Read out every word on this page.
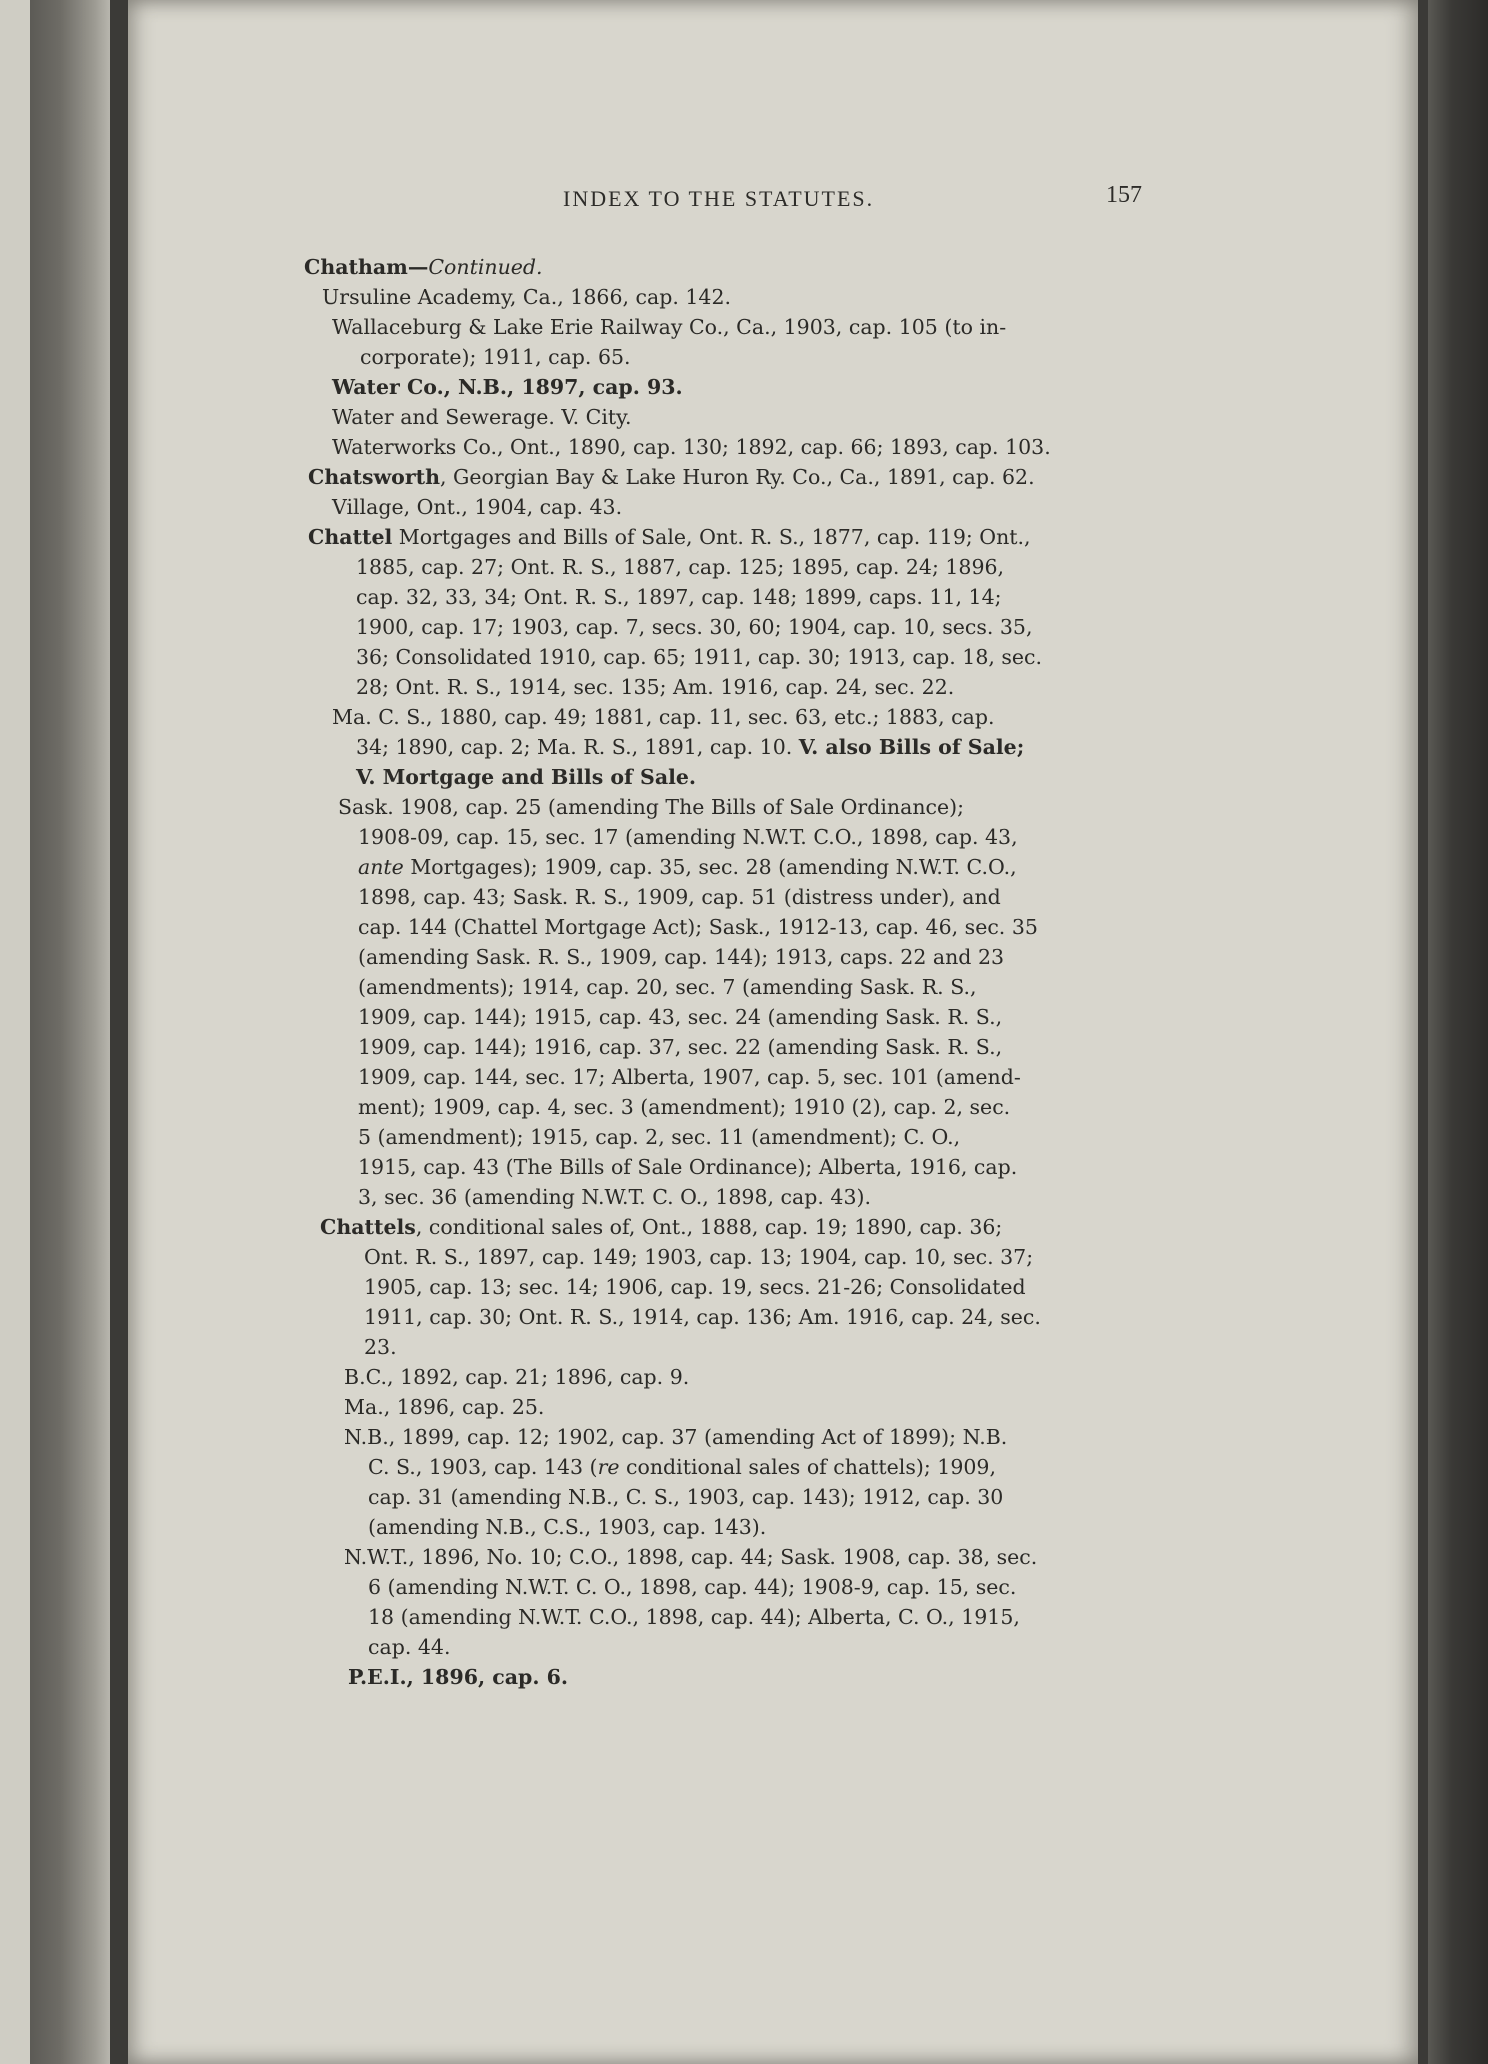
INDEX TO THE STATUTES.	157
Chatham—Continued.
Ursuline Academy, Ca., 1866, cap. 142.
Wallaceburg & Lake Erie Railway Co., Ca., 1903, cap. 105 (to in-
corporate); 1911, cap. 65.
Water Co., N.B., 1897, cap. 93.
Water and Sewerage. V. City.
Waterworks Co., Ont., 1890, cap. 130; 1892, cap. 66; 1893, cap. 103.
Chatsworth, Georgian Bay & Lake Huron Ry. Co., Ca., 1891, cap. 62.
Village, Ont., 1904, cap. 43.
Chattel Mortgages and Bills of Sale, Ont. R. S., 1877, cap. 119; Ont.,
1885, cap. 27; Ont. R. S., 1887, cap. 125; 1895, cap. 24; 1896,
cap. 32, 33, 34; Ont. R. S., 1897, cap. 148; 1899, caps. 11, 14;
1900, cap. 17; 1903, cap. 7, secs. 30, 60; 1904, cap. 10, secs. 35,
36; Consolidated 1910, cap. 65; 1911, cap. 30; 1913, cap. 18, sec.
28; Ont. R. S., 1914, sec. 135; Am. 1916, cap. 24, sec. 22.
Ma. C. S., 1880, cap. 49; 1881, cap. 11, sec. 63, etc.; 1883, cap.
34; 1890, cap. 2; Ma. R. S., 1891, cap. 10. V. also Bills of Sale;
V. Mortgage and Bills of Sale.
Sask. 1908, cap. 25 (amending The Bills of Sale Ordinance);
1908-09, cap. 15, sec. 17 (amending N.W.T. C.O., 1898, cap. 43,
ante Mortgages); 1909, cap. 35, sec. 28 (amending N.W.T. C.O.,
1898, cap. 43; Sask. R. S., 1909, cap. 51 (distress under), and
cap. 144 (Chattel Mortgage Act); Sask., 1912-13, cap. 46, sec. 35
(amending Sask. R. S., 1909, cap. 144); 1913, caps. 22 and 23
(amendments); 1914, cap. 20, sec. 7 (amending Sask. R. S.,
1909, cap. 144); 1915, cap. 43, sec. 24 (amending Sask. R. S.,
1909, cap. 144); 1916, cap. 37, sec. 22 (amending Sask. R. S.,
1909, cap. 144, sec. 17; Alberta, 1907, cap. 5, sec. 101 (amend-
ment); 1909, cap. 4, sec. 3 (amendment); 1910 (2), cap. 2, sec.
5 (amendment); 1915, cap. 2, sec. 11 (amendment); C. O.,
1915, cap. 43 (The Bills of Sale Ordinance); Alberta, 1916, cap.
3, sec. 36 (amending N.W.T. C. O., 1898, cap. 43).
Chattels, conditional sales of, Ont., 1888, cap. 19; 1890, cap. 36;
Ont. R. S., 1897, cap. 149; 1903, cap. 13; 1904, cap. 10, sec. 37;
1905, cap. 13; sec. 14; 1906, cap. 19, secs. 21-26; Consolidated
1911, cap. 30; Ont. R. S., 1914, cap. 136; Am. 1916, cap. 24, sec.
23.
B.C., 1892, cap. 21; 1896, cap. 9.
Ma., 1896, cap. 25.
N.B., 1899, cap. 12; 1902, cap. 37 (amending Act of 1899); N.B.
C. S., 1903, cap. 143 (re conditional sales of chattels); 1909,
cap. 31 (amending N.B., C. S., 1903, cap. 143); 1912, cap. 30
(amending N.B., C.S., 1903, cap. 143).
N.W.T., 1896, No. 10; C.O., 1898, cap. 44; Sask. 1908, cap. 38, sec.
6 (amending N.W.T. C. O., 1898, cap. 44); 1908-9, cap. 15, sec.
18 (amending N.W.T. C.O., 1898, cap. 44); Alberta, C. O., 1915,
cap. 44.
P.E.I., 1896, cap. 6.
